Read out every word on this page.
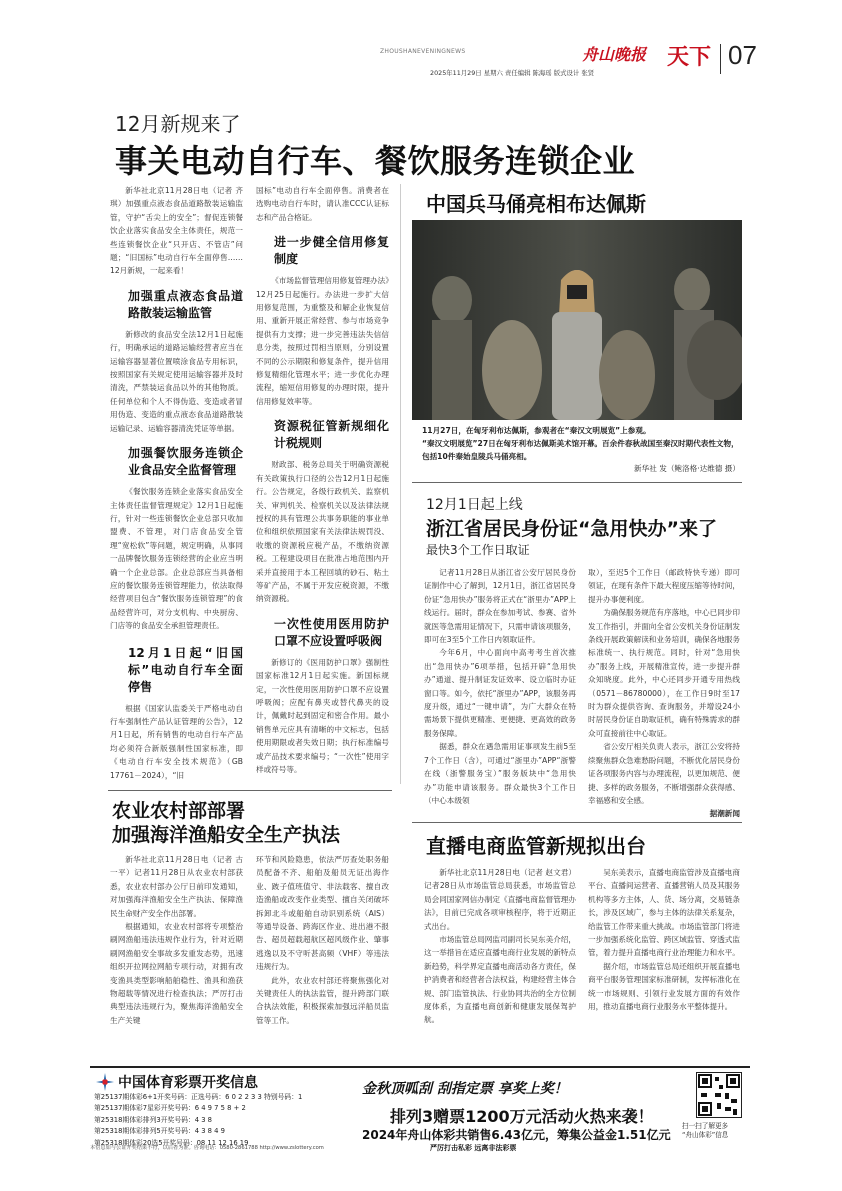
ZHOUSHANEVENINGNEWS	舟山晚报 天下 07
2025年11月29日 星期六 责任编辑 陈海瑶 版式设计 张贤
12月新规来了
事关电动自行车、餐饮服务连锁企业

新华社北京11月28日电（记者 齐琪）加强重点液态食品道路散装运输监管，守护“舌尖上的安全”；督促连锁餐饮企业落实食品安全主体责任，规范一些连锁餐饮企业“只开店、不管店”问题；“旧国标”电动自行车全面停售……12月新规，一起来看！

加强重点液态食品道路散装运输监管

新修改的食品安全法12月1日起施行，明确承运的道路运输经营者应当在运输容器显著位置喷涂食品专用标识，按照国家有关规定使用运输容器并及时清洗，严禁装运食品以外的其他物质。任何单位和个人不得伪造、变造或者冒用伪造、变造的重点液态食品道路散装运输记录、运输容器清洗凭证等单据。

加强餐饮服务连锁企业食品安全监督管理

《餐饮服务连锁企业落实食品安全主体责任监督管理规定》12月1日起施行，针对一些连锁餐饮企业总部只收加盟费、不管理，对门店食品安全管理“宽松软”等问题，规定明确，从事同一品牌餐饮服务连锁经营的企业应当明确一个企业总部。企业总部应当具备相应的餐饮服务连锁管理能力，依法取得经营项目包含“餐饮服务连锁管理”的食品经营许可，对分支机构、中央厨房、门店等的食品安全承担管理责任。

12月1日起“旧国标”电动自行车全面停售

根据《国家认监委关于严格电动自行车强制性产品认证管理的公告》，12月1日起，所有销售的电动自行车产品均必须符合新版强制性国家标准，即《电动自行车安全技术规范》（GB 17761－2024），“旧

国标”电动自行车全面停售。消费者在选购电动自行车时，请认准CCC认证标志和产品合格证。

进一步健全信用修复制度

《市场监督管理信用修复管理办法》12月25日起施行。办法进一步扩大信用修复范围，为重整及和解企业恢复信用、重新开展正常经营、参与市场竞争提供有力支撑；进一步完善违法失信信息分类，按照过罚相当原则，分别设置不同的公示期限和修复条件，提升信用修复精细化管理水平；进一步优化办理流程，缩短信用修复的办理时限，提升信用修复效率等。

资源税征管新规细化计税规则

财政部、税务总局关于明确资源税有关政策执行口径的公告12月1日起施行。公告规定，各级行政机关、监察机关、审判机关、检察机关以及法律法规授权的具有管理公共事务职能的事业单位和组织依照国家有关法律法规罚没、收缴的资源税应税产品，不缴纳资源税。工程建设项目在批准占地范围内开采并直接用于本工程回填的砂石、粘土等矿产品，不属于开发应税资源，不缴纳资源税。

一次性使用医用防护口罩不应设置呼吸阀

新修订的《医用防护口罩》强制性国家标准12月1日起实施。新国标规定，一次性使用医用防护口罩不应设置呼吸阀；应配有鼻夹或替代鼻夹的设计，佩戴时起到固定和密合作用。最小销售单元应具有清晰的中文标志，包括使用期限或者失效日期；执行标准编号或产品技术要求编号；“一次性”使用字样或符号等。

中国兵马俑亮相布达佩斯
11月27日，在匈牙利布达佩斯，参观者在“秦汉文明展览”上参观。
“秦汉文明展览”27日在匈牙利布达佩斯美术馆开幕。百余件春秋战国至秦汉时期代表性文物，包括10件秦始皇陵兵马俑亮相。
新华社 发（鲍洛格·达维德 摄）
12月1日起上线
浙江省居民身份证“急用快办”来了
最快3个工作日取证

记者11月28日从浙江省公安厅居民身份证制作中心了解到，12月1日，浙江省居民身份证“急用快办”服务将正式在“浙里办”APP上线运行。届时，群众在参加考试、参赛、省外就医等急需用证情况下，只需申请该项服务，即可在3至5个工作日内领取证件。

今年6月，中心面向中高考考生首次推出“急用快办”6项举措，包括开辟“急用快办”通道、提升制证发证效率、设立临时办证窗口等。如今，依托“浙里办”APP，该服务再度升级，通过“一键申请”，为广大群众在特需场景下提供更精准、更便捷、更高效的政务服务保障。

据悉，群众在遇急需用证事项发生前5至7个工作日（含），可通过“浙里办”APP“浙警在线（浙警服务宝）”服务版块中“急用快办”功能申请该服务。群众最快3个工作日（中心本级领

取），至迟5个工作日（邮政特快专递）即可领证，在现有条件下最大程度压缩等待时间，提升办事便利度。

为确保服务规范有序落地，中心已同步印发工作指引，并面向全省公安机关身份证制发条线开展政策解读和业务培训，确保各地服务标准统一、执行规范。同时，针对“急用快办”服务上线，开展精准宣传，进一步提升群众知晓度。此外，中心还同步开通专用热线（0571－86780000），在工作日9时至17时为群众提供咨询、查询服务，并增设24小时居民身份证自助取证机，确有特殊需求的群众可直接前往中心取证。

省公安厅相关负责人表示，浙江公安将持续聚焦群众急难愁盼问题，不断优化居民身份证各项服务内容与办理流程，以更加规范、便捷、多样的政务服务，不断增强群众获得感、幸福感和安全感。

据潮新闻
农业农村部部署
加强海洋渔船安全生产执法

新华社北京11月28日电（记者 古一平）记者11月28日从农业农村部获悉，农业农村部办公厅日前印发通知，对加强海洋渔船安全生产执法、保障渔民生命财产安全作出部署。

根据通知，农业农村部将专项整治刷网渔船违法违规作业行为，针对近期刷网渔船安全事故多发重发态势，迅速组织开拉网拉网船专项行动，对拥有改变渔具类型影响船舶稳性、渔具和渔获物超载等情况进行检查执法；严厉打击典型违法违规行为，聚焦海洋渔船安全生产关键

环节和风险隐患，依法严厉查处职务船员配备不齐、船舶及船员无证出海作业、跛子值班值守、非法载客、擅自改造渔船或改变作业类型、擅自关闭破坏拆卸北斗或船舶自动识别系统（AIS）等通导设备、跨海区作业、进出港不报告、超员超载超航区超风级作业、肇事逃逸以及不守听甚高频（VHF）等违法违规行为。

此外，农业农村部还将聚焦强化对关键责任人的执法监管，提升跨部门联合执法效能，积极探索加强远洋船员监管等工作。

直播电商监管新规拟出台

新华社北京11月28日电（记者 赵文君）记者28日从市场监管总局获悉，市场监管总局会同国家网信办制定《直播电商监督管理办法》，目前已完成各项审核程序，将于近期正式出台。

市场监管总局网监司副司长吴东美介绍，这一举措旨在适应直播电商行业发展的新特点新趋势，科学界定直播电商活动各方责任，保护消费者和经营者合法权益，构建经营主体合规、部门监管执法、行业协同共治的全方位制度体系，为直播电商创新和健康发展保驾护航。

吴东美表示，直播电商监管涉及直播电商平台、直播间运营者、直播营销人员及其服务机构等多方主体，人、货、场分离，交易链条长，涉及区域广，参与主体的法律关系复杂，给监管工作带来重大挑战。市场监管部门将进一步加强系统化监管、跨区域监管、穿透式监管，着力提升直播电商行业治理能力和水平。

据介绍，市场监管总局还组织开展直播电商平台服务管理国家标准研制，发挥标准化在统一市场规则、引领行业发展方面的有效作用，推动直播电商行业服务水平整体提升。

中国体育彩票开奖信息
第25137期体彩6+1开奖号码：正选号码：6 0 2 2 3 3 特别号码：1
第25137期体彩7星彩开奖号码：6 4 9 7 5 8 + 2
第25318期体彩排列3开奖号码：4 3 8
第25318期体彩排列5开奖号码：4 3 8 4 9
第25318期体彩20选5开奖号码：08 11 12 16 19
金秋顶呱刮 刮指定票 享奖上奖！
排列3赠票1200万元活动火热来袭！
2024年舟山体彩共销售6.43亿元，筹集公益金1.51亿元
扫一扫了解更多
“舟山体彩”信息
本信息如与公证开奖结果不符，以后者为准。咨询电话：0580-2861788 http://www.zslottery.com	严厉打击私彩 远离非法彩票
